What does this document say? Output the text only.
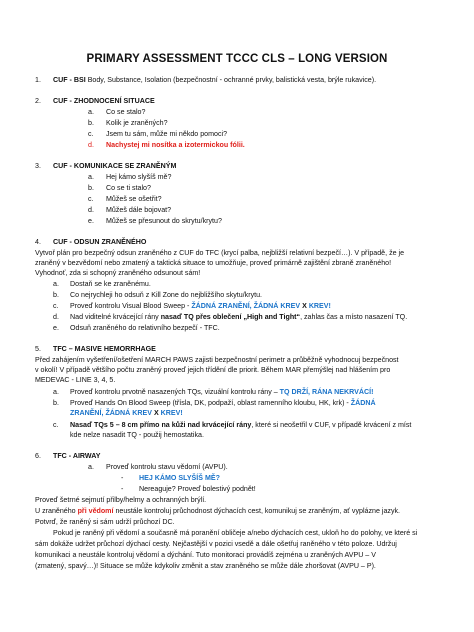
PRIMARY ASSESSMENT TCCC CLS – LONG VERSION
1. CUF - BSI Body, Substance, Isolation (bezpečnostní - ochranné prvky, balistická vesta, brýle rukavice).
2. CUF - ZHODNOCENÍ SITUACE
a. Co se stalo?
b. Kolik je zraněných?
c. Jsem tu sám, může mi někdo pomoci?
d. Nachystej mi nosítka a izotermickou fólii.
3. CUF - KOMUNIKACE SE ZRANĚNÝM
a. Hej kámo slyšíš mě?
b. Co se ti stalo?
c. Můžeš se ošetřit?
d. Můžeš dále bojovat?
e. Můžeš se přesunout do skrytu/krytu?
4. CUF - ODSUN ZRANĚNÉHO
Vytvoř plán pro bezpečný odsun zraněného z CUF do TFC (krycí palba, nejbližší relativní bezpečí…). V případě, že je
zraněný v bezvědomí nebo zmatený a taktická situace to umožňuje, proveď primárně zajištění zbraně zraněného!
Vyhodnoť, zda si schopný zraněného odsunout sám!
a. Dostaň se ke zraněnému.
b. Co nejrychleji ho odsuň z Kill Zone do nejbližšího skytu/krytu.
c. Proveď kontrolu Visual Blood Sweep - ŽÁDNÁ ZRANĚNÍ, ŽÁDNÁ KREV X KREV!
d. Nad viditelné krvácející rány nasaď TQ přes oblečení „High and Tight“, zahlas čas a místo nasazení TQ.
e. Odsuň zraněného do relativního bezpečí - TFC.
5. TFC – MASIVE HEMORRHAGE
Před zahájením vyšetření/ošetření MARCH PAWS zajisti bezpečnostní perimetr a průběžně vyhodnocuj bezpečnost
v okolí! V případě většího počtu zraněný proveď jejich třídění dle priorit. Během MAR přemýšlej nad hlášením pro
MEDEVAC - LINE 3, 4, 5.
a. Proveď kontrolu prvotně nasazených TQs, vizuální kontrolu rány – TQ DRŽÍ, RÁNA NEKRVÁCÍ!
b. Proveď Hands On Blood Sweep (tříslа, DK, podpaží, oblast ramenního kloubu, HK, krk) - ŽÁDNÁ
ZRANĚNÍ, ŽÁDNÁ KREV X KREV!
c. Nasaď TQs 5 – 8 cm přímo na kůži nad krvácející rány, které si neošetřil v CUF, v případě krvácení z míst
kde nelze nasadit TQ - použij hemostatika.
6. TFC - AIRWAY
a. Proveď kontrolu stavu vědomí (AVPU).
- HEJ KÁMO SLYŠÍŠ MĚ?
- Nereaguje? Proveď bolestivý podnět!
Proveď šetrné sejmutí přilby/helmy a ochranných brýlí.
U zraněného při vědomí neustále kontroluj průchodnost dýchacích cest, komunikuj se zraněným, ať vyplázne jazyk.
Potvrď, že raněný si sám udrží průchozí DC.
Pokud je raněný při vědomí a současně má poranění obličeje a/nebo dýchacích cest, ukloň ho do polohy, ve které si
sám dokáže udržet průchozí dýchací cesty. Nejčastější v pozici vsedě a dále ošetřuj raněného v této poloze. Udržuj
komunikaci a neustále kontroluj vědomí a dýchání. Tuto monitoraci provádíš zejména u zraněných AVPU – V
(zmatený, spavý…)! Situace se může kdykoliv změnit a stav zraněného se může dále zhoršovat (AVPU – P).
